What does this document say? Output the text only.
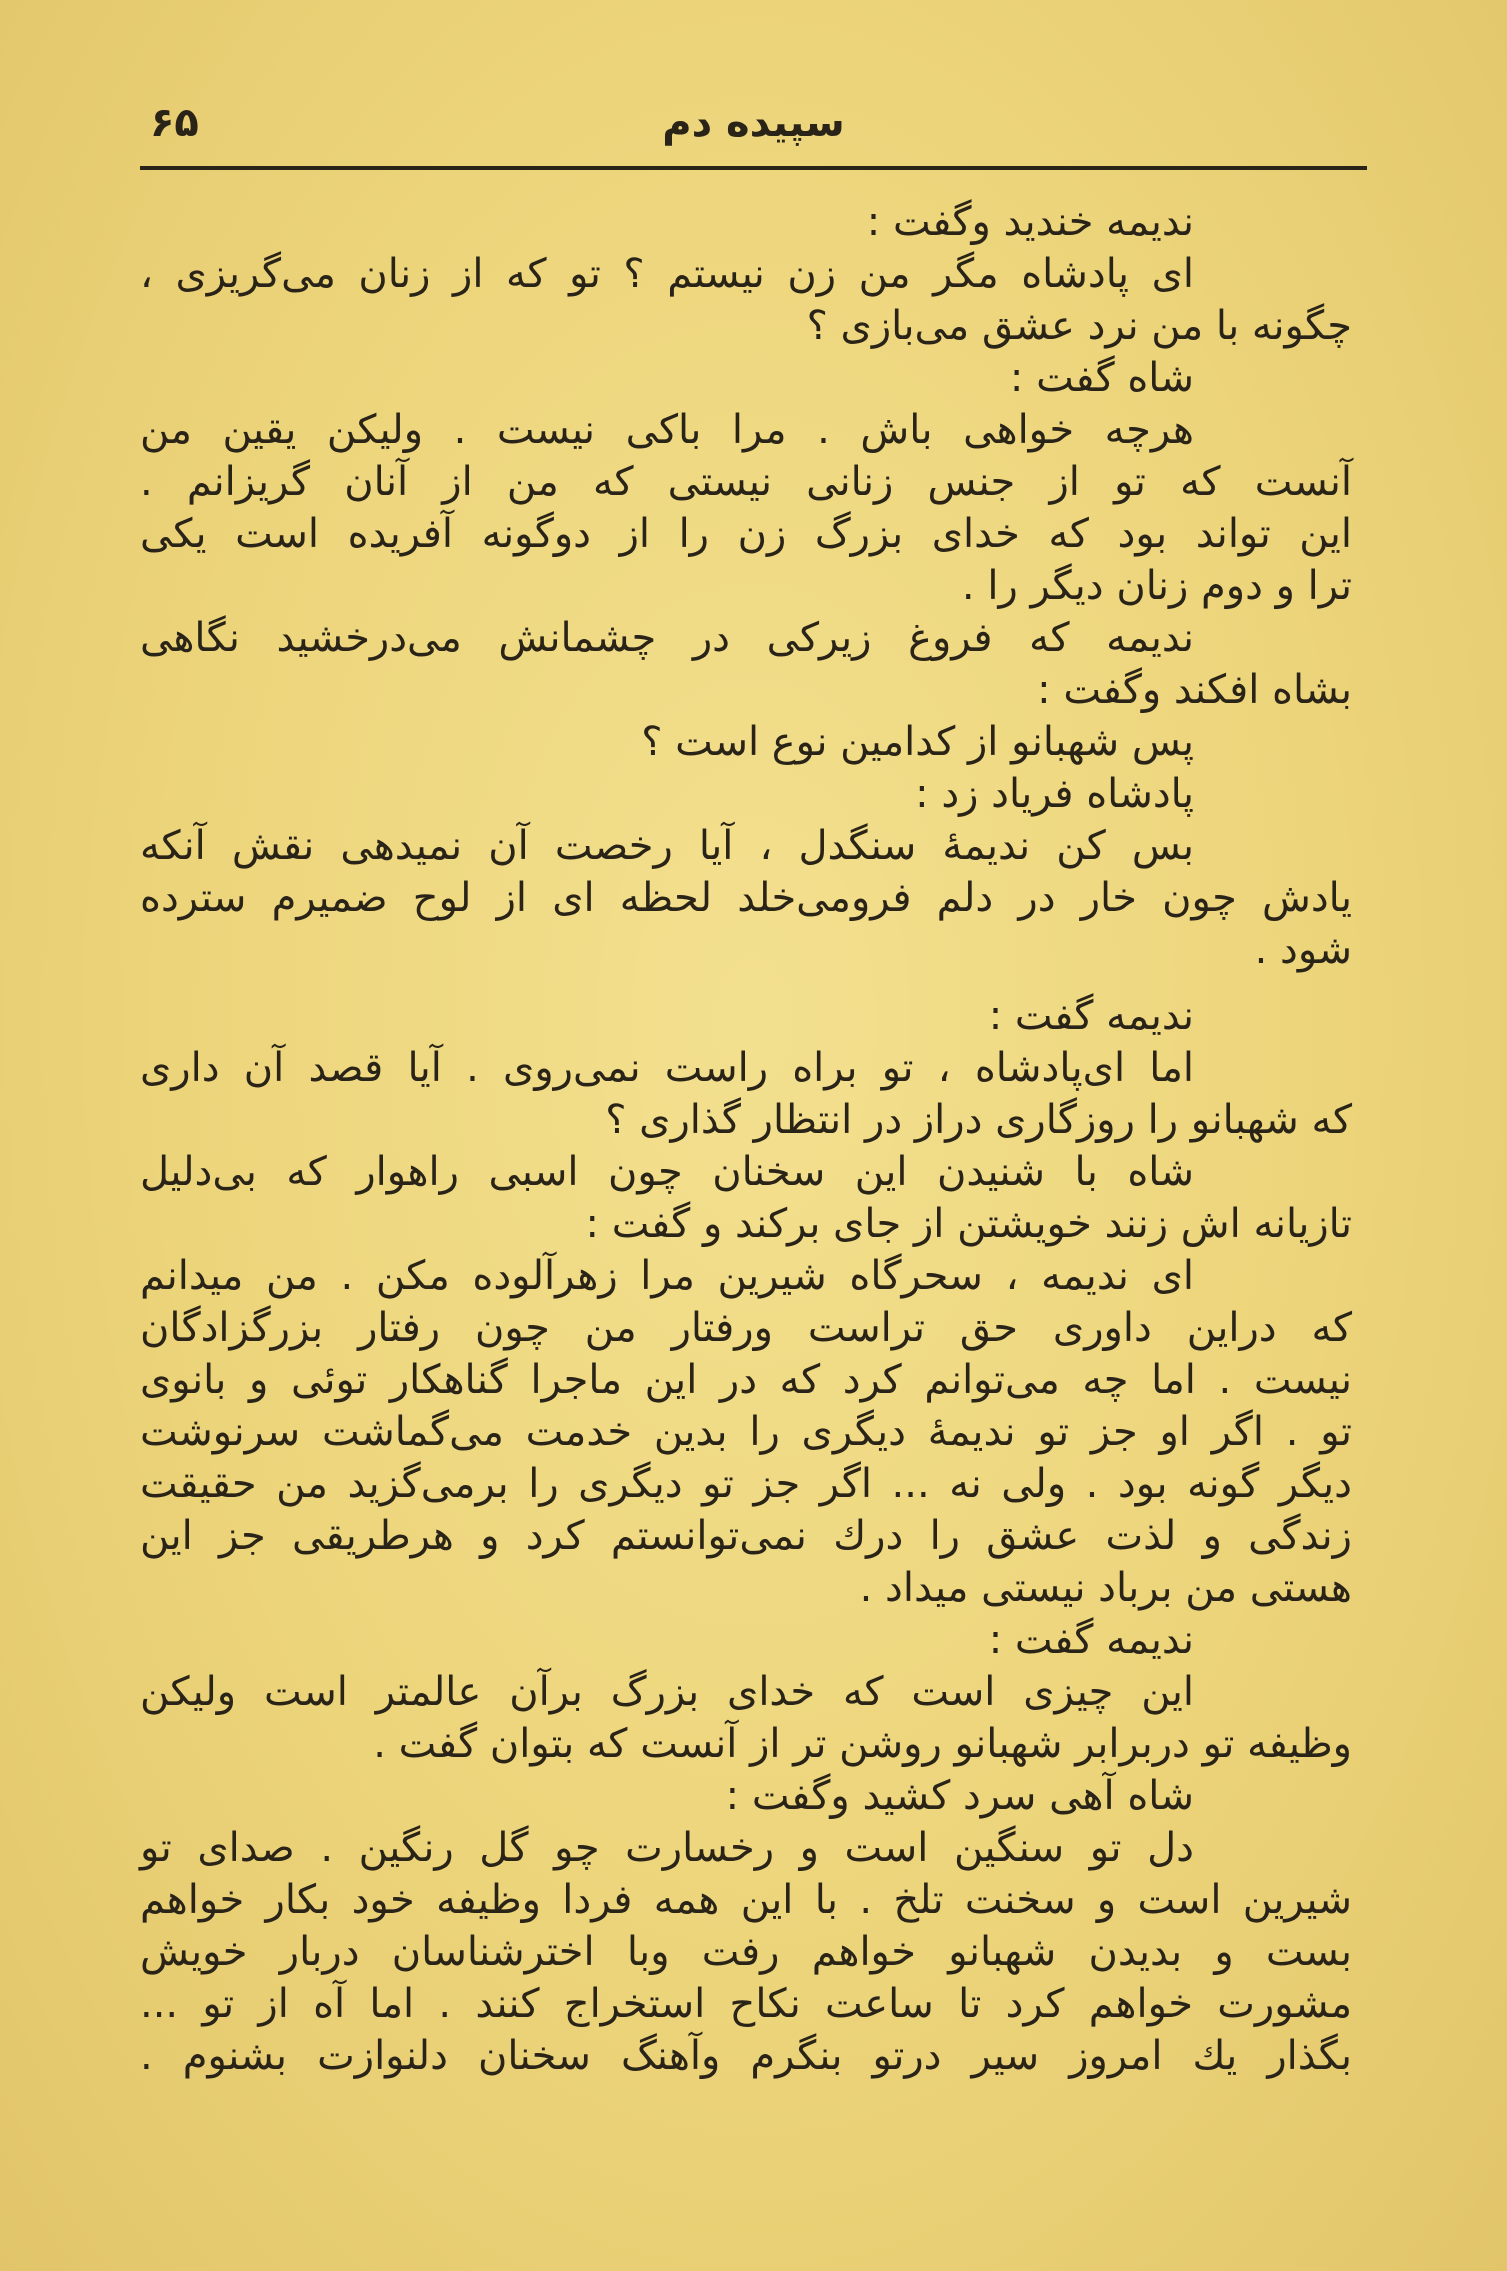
سپیده دم
۶۵
ندیمه خندید وگفت :
ای پادشاه مگر من زن نیستم ؟ تو که از زنان می‌گریزی ،
چگونه با من نرد عشق می‌بازی ؟
شاه گفت :
هرچه خواهی باش . مرا باکی نیست . ولیکن یقین من
آنست که تو از جنس زنانی نیستی که من از آنان گریزانم .
این تواند بود که خدای بزرگ زن را از دوگونه آفریده است یکی
ترا و دوم زنان دیگر را .
ندیمه که فروغ زیرکی در چشمانش می‌درخشید نگاهی
بشاه افکند وگفت :
پس شهبانو از کدامین نوع است ؟
پادشاه فریاد زد :
بس کن ندیمهٔ سنگدل ، آیا رخصت آن نمیدهی نقش آنکه
یادش چون خار در دلم فرومی‌خلد لحظه ای از لوح ضمیرم سترده
شود .
ندیمه گفت :
اما ای‌پادشاه ، تو براه راست نمی‌روی . آیا قصد آن داری
که شهبانو را روزگاری دراز در انتظار گذاری ؟
شاه با شنیدن این سخنان چون اسبی راهوار که بی‌دلیل
تازیانه اش زنند خویشتن از جای برکند و گفت :
ای ندیمه ، سحرگاه شیرین مرا زهرآلوده مکن . من میدانم
که دراین داوری حق تراست ورفتار من چون رفتار بزرگزادگان
نیست . اما چه می‌توانم کرد که در این ماجرا گناهکار توئی و بانوی
تو . اگر او جز تو ندیمهٔ دیگری را بدین خدمت می‌گماشت سرنوشت
دیگر گونه بود . ولی نه ... اگر جز تو دیگری را برمی‌گزید من حقیقت
زندگی و لذت عشق را درك نمی‌توانستم کرد و هرطریقی جز این
هستی من برباد نیستی میداد .
ندیمه گفت :
این چیزی است که خدای بزرگ برآن عالمتر است ولیکن
وظیفه تو دربرابر شهبانو روشن تر از آنست که بتوان گفت .
شاه آهی سرد کشید وگفت :
دل تو سنگین است و رخسارت چو گل رنگین . صدای تو
شیرین است و سخنت تلخ . با این همه فردا وظیفه خود بکار خواهم
بست و بدیدن شهبانو خواهم رفت وبا اخترشناسان دربار خویش
مشورت خواهم کرد تا ساعت نکاح استخراج کنند . اما آه از تو ...
بگذار یك امروز سیر درتو بنگرم وآهنگ سخنان دلنوازت بشنوم .
